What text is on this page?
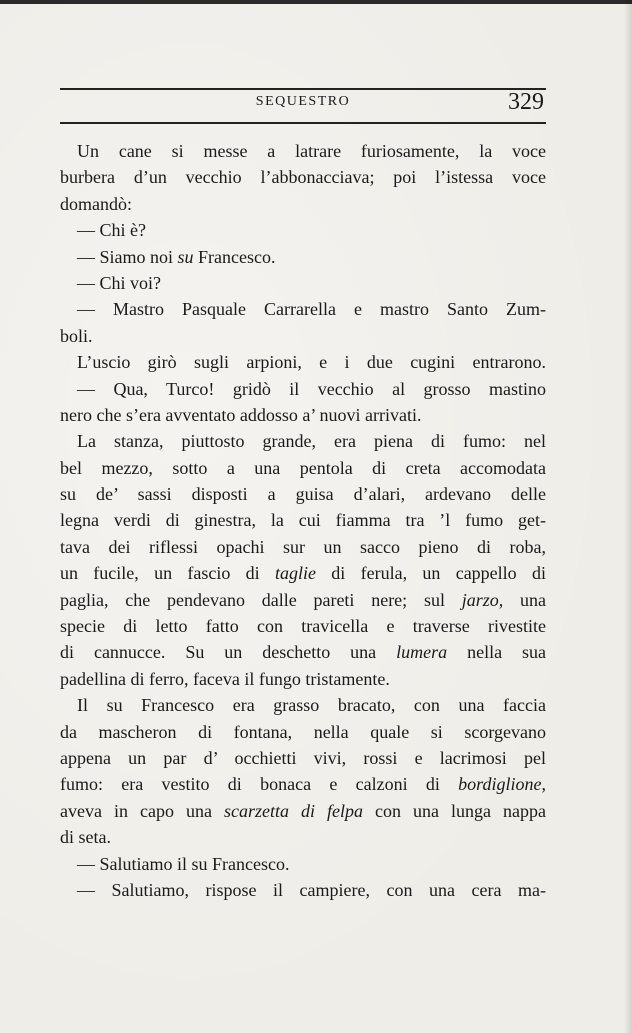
SEQUESTRO	329
Un cane si messe a latrare furiosamente, la voce
burbera d’un vecchio l’abbonacciava; poi l’istessa voce
domandò:
— Chi è?
— Siamo noi su Francesco.
— Chi voi?
— Mastro Pasquale Carrarella e mastro Santo Zum-
boli.
L’uscio girò sugli arpioni, e i due cugini entrarono.
— Qua, Turco! gridò il vecchio al grosso mastino
nero che s’era avventato addosso a’ nuovi arrivati.
La stanza, piuttosto grande, era piena di fumo: nel
bel mezzo, sotto a una pentola di creta accomodata
su de’ sassi disposti a guisa d’alari, ardevano delle
legna verdi di ginestra, la cui fiamma tra ’l fumo get-
tava dei riflessi opachi sur un sacco pieno di roba,
un fucile, un fascio di taglie di ferula, un cappello di
paglia, che pendevano dalle pareti nere; sul jarzo, una
specie di letto fatto con travicella e traverse rivestite
di cannucce. Su un deschetto una lumera nella sua
padellina di ferro, faceva il fungo tristamente.
Il su Francesco era grasso bracato, con una faccia
da mascheron di fontana, nella quale si scorgevano
appena un par d’ occhietti vivi, rossi e lacrimosi pel
fumo: era vestito di bonaca e calzoni di bordiglione,
aveva in capo una scarzetta di felpa con una lunga nappa
di seta.
— Salutiamo il su Francesco.
— Salutiamo, rispose il campiere, con una cera ma-
